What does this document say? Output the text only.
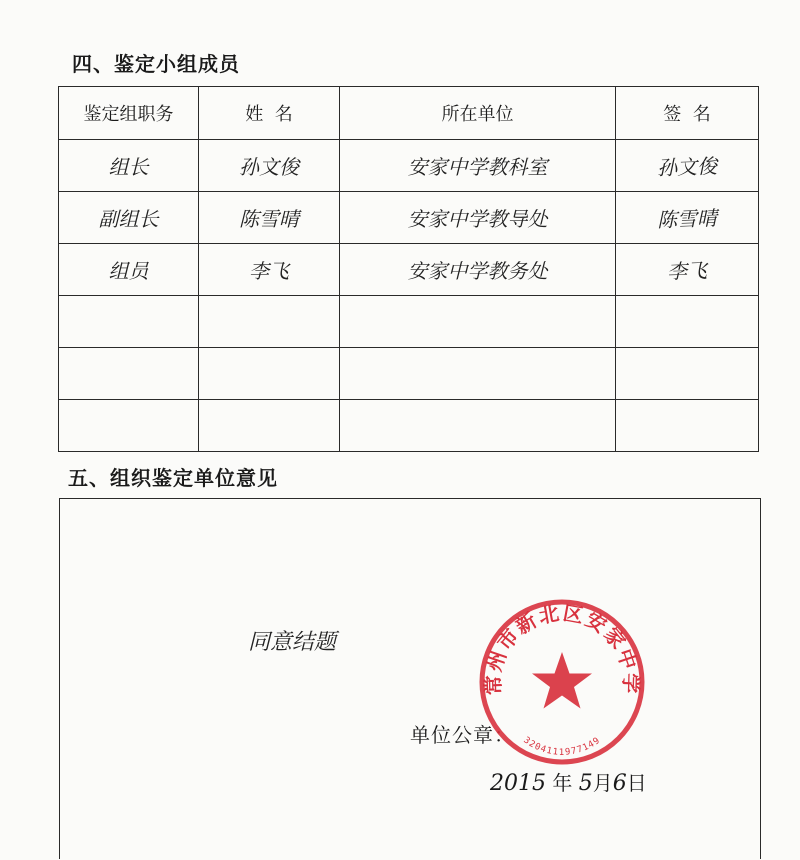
四、鉴定小组成员
鉴定组职务	姓  名	所在单位	签  名
组长	孙文俊	安家中学教科室	孙文俊
副组长	陈雪晴	安家中学教导处	陈雪晴
组员	李飞	安家中学教务处	李飞

五、组织鉴定单位意见
同意结题
单位公章：
2015 年 5月6日
常州市新北区安家中学
3204111977149
